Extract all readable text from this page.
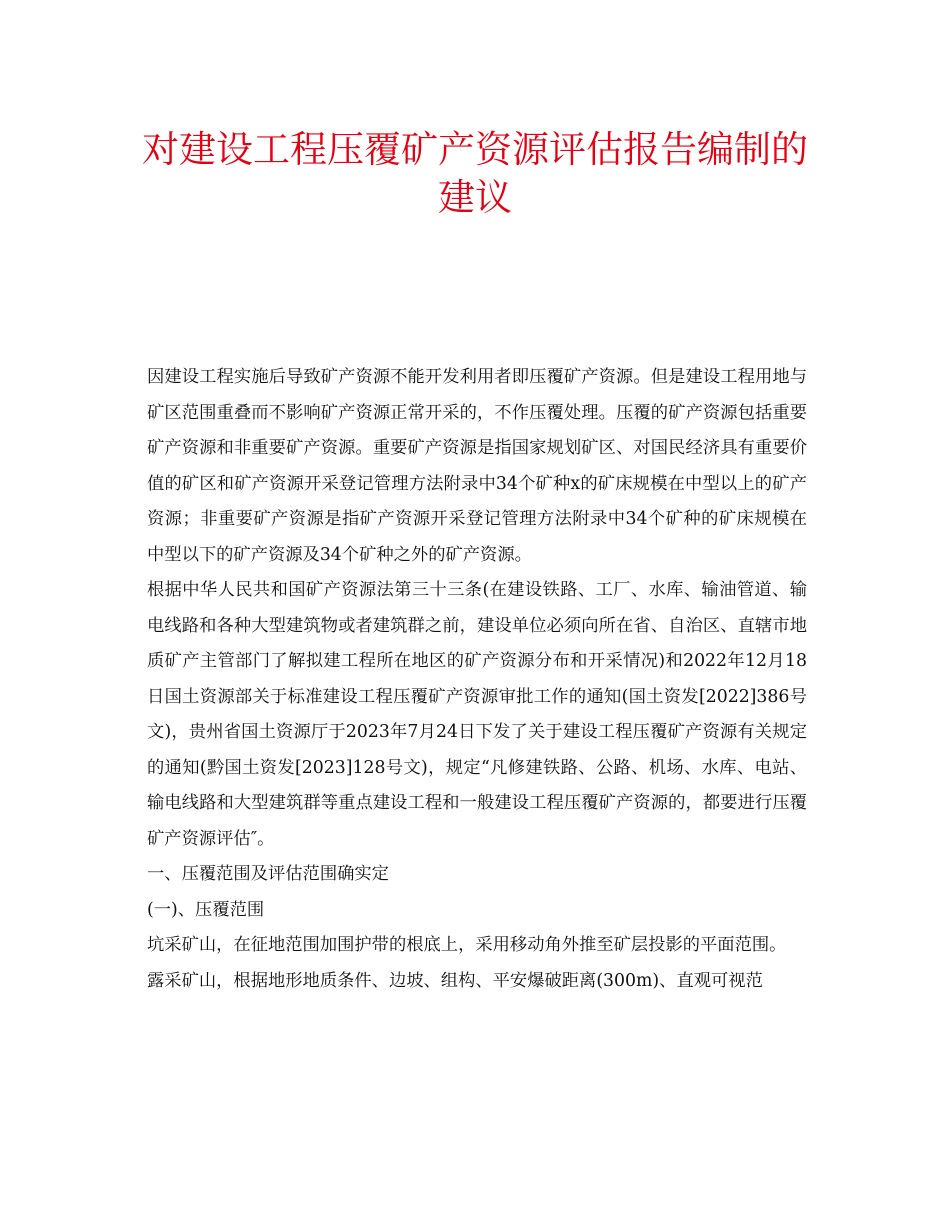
对建设工程压覆矿产资源评估报告编制的建议

因建设工程实施后导致矿产资源不能开发利用者即压覆矿产资源。但是建设工程用地与矿区范围重叠而不影响矿产资源正常开采的，不作压覆处理。压覆的矿产资源包括重要矿产资源和非重要矿产资源。重要矿产资源是指国家规划矿区、对国民经济具有重要价值的矿区和矿产资源开采登记管理方法附录中34个矿种x的矿床规模在中型以上的矿产资源；非重要矿产资源是指矿产资源开采登记管理方法附录中34个矿种的矿床规模在中型以下的矿产资源及34个矿种之外的矿产资源。

根据中华人民共和国矿产资源法第三十三条(在建设铁路、工厂、水库、输油管道、输电线路和各种大型建筑物或者建筑群之前，建设单位必须向所在省、自治区、直辖市地质矿产主管部门了解拟建工程所在地区的矿产资源分布和开采情况)和2022年12月18日国土资源部关于标准建设工程压覆矿产资源审批工作的通知(国土资发[2022]386号文)，贵州省国土资源厅于2023年7月24日下发了关于建设工程压覆矿产资源有关规定的通知(黔国土资发[2023]128号文)，规定“凡修建铁路、公路、机场、水库、电站、输电线路和大型建筑群等重点建设工程和一般建设工程压覆矿产资源的，都要进行压覆矿产资源评估″。

一、压覆范围及评估范围确实定

(一)、压覆范围

坑采矿山，在征地范围加围护带的根底上，采用移动角外推至矿层投影的平面范围。

露采矿山，根据地形地质条件、边坡、组构、平安爆破距离(300m)、直观可视范
